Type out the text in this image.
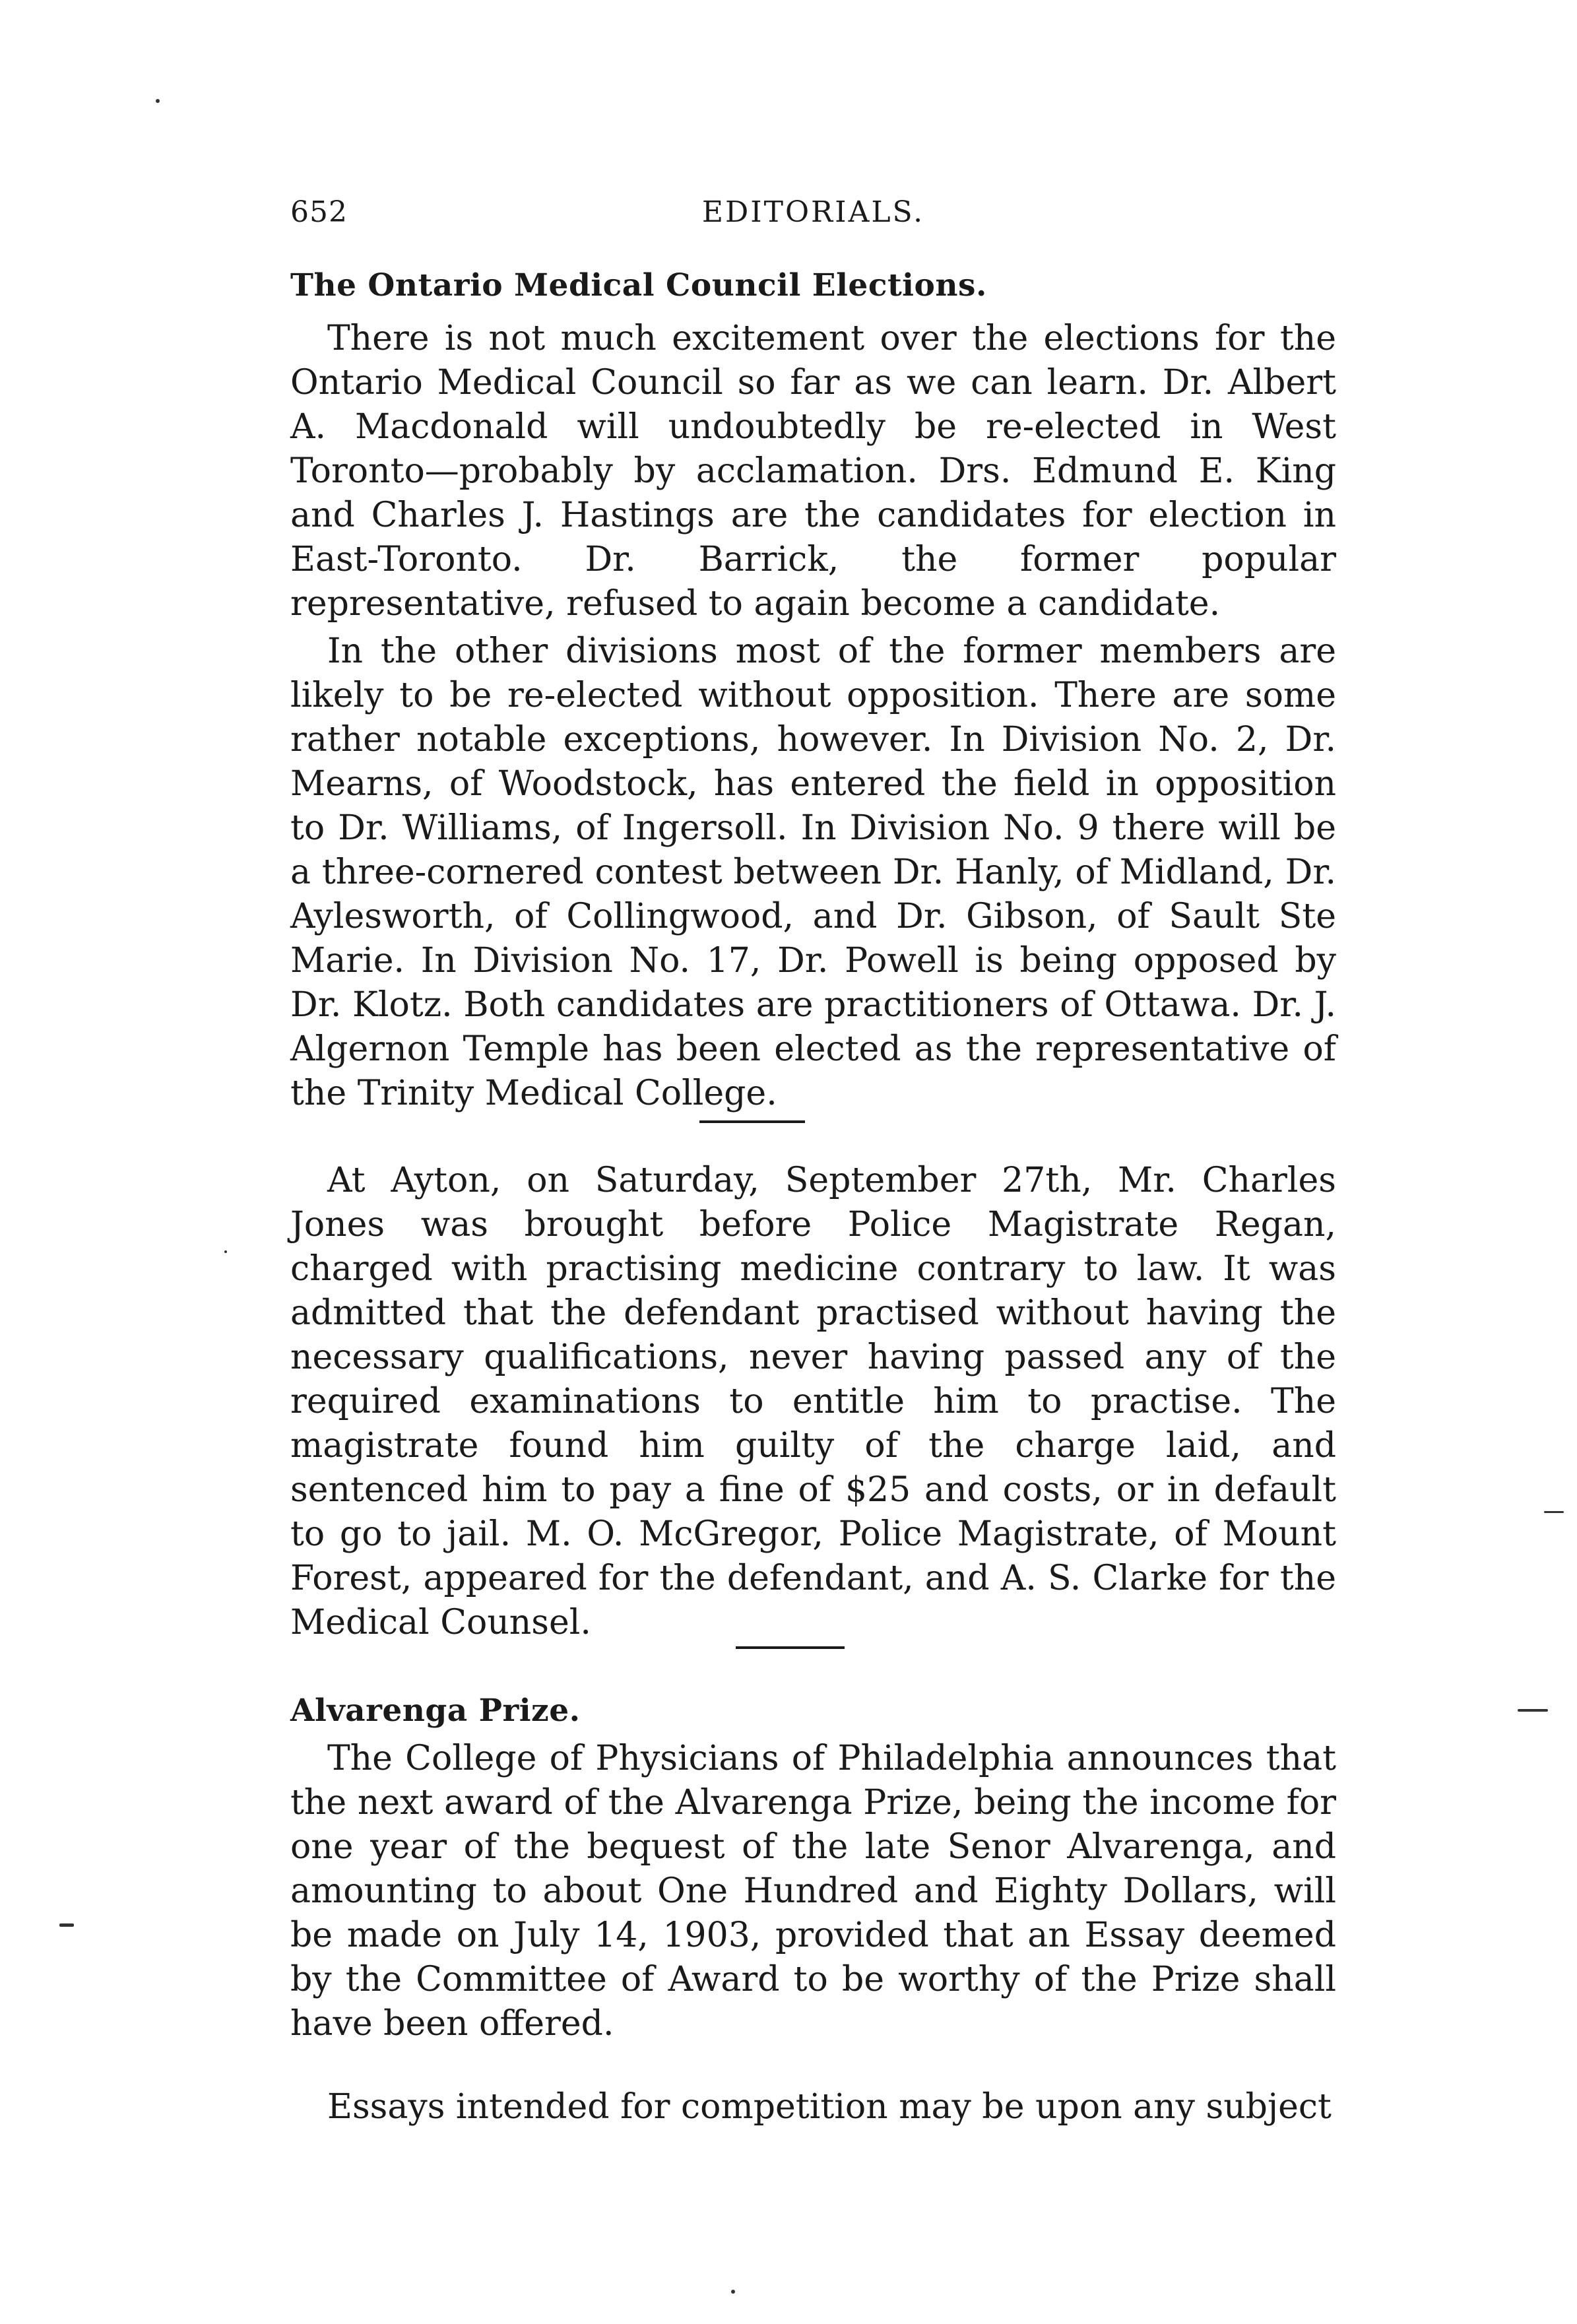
652	EDITORIALS.
The Ontario Medical Council Elections.

There is not much excitement over the elections for the Ontario Medical Council so far as we can learn. Dr. Albert A. Macdonald will undoubtedly be re-elected in West Toronto—probably by acclamation. Drs. Edmund E. King and Charles J. Hastings are the candidates for election in East-Toronto. Dr. Barrick, the former popular representative, refused to again become a candidate.

In the other divisions most of the former members are likely to be re-elected without opposition. There are some rather notable exceptions, however. In Division No. 2, Dr. Mearns, of Woodstock, has entered the field in opposition to Dr. Williams, of Ingersoll. In Division No. 9 there will be a three-cornered contest between Dr. Hanly, of Midland, Dr. Aylesworth, of Collingwood, and Dr. Gibson, of Sault Ste Marie. In Division No. 17, Dr. Powell is being opposed by Dr. Klotz. Both candidates are practitioners of Ottawa. Dr. J. Algernon Temple has been elected as the representative of the Trinity Medical College.

At Ayton, on Saturday, September 27th, Mr. Charles Jones was brought before Police Magistrate Regan, charged with practising medicine contrary to law. It was admitted that the defendant practised without having the necessary qualifications, never having passed any of the required examinations to entitle him to practise. The magistrate found him guilty of the charge laid, and sentenced him to pay a fine of $25 and costs, or in default to go to jail. M. O. McGregor, Police Magistrate, of Mount Forest, appeared for the defendant, and A. S. Clarke for the Medical Counsel.

Alvarenga Prize.

The College of Physicians of Philadelphia announces that the next award of the Alvarenga Prize, being the income for one year of the bequest of the late Senor Alvarenga, and amounting to about One Hundred and Eighty Dollars, will be made on July 14, 1903, provided that an Essay deemed by the Committee of Award to be worthy of the Prize shall have been offered.

Essays intended for competition may be upon any subject
